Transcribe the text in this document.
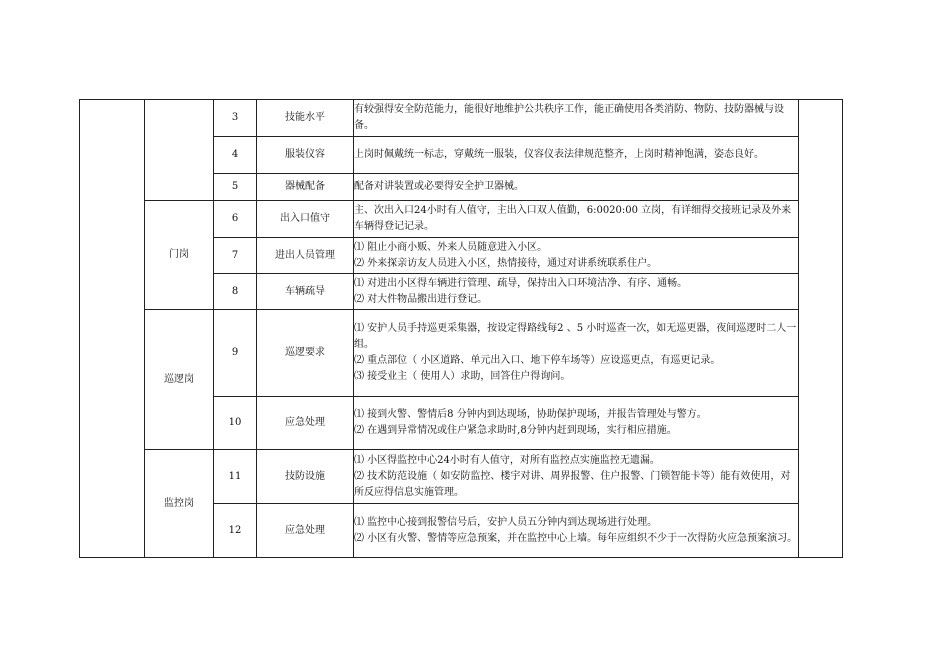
		3	技能水平	有较强得安全防范能力，能很好地维护公共秩序工作，能正确使用各类消防、物防、技防器械与设备。	

		4	服装仪容	上岗时佩戴统一标志，穿戴统一服装，仪容仪表法律规范整齐，上岗时精神饱满，姿态良好。	

		5	器械配备	配备对讲装置或必要得安全护卫器械。	

	门岗	6	出入口值守	主、次出入口24小时有人值守，主出入口双人值勤，6:0020:00 立岗，有详细得交接班记录及外来车辆得登记记录。	

		7	进出人员管理	⑴ 阻止小商小贩、外来人员随意进入小区。
⑵ 外来探亲访友人员进入小区，热情接待，通过对讲系统联系住户。	

		8	车辆疏导	⑴ 对进出小区得车辆进行管理、疏导，保持出入口环境洁净、有序、通畅。
⑵ 对大件物品搬出进行登记。	

	巡逻岗	9	巡逻要求	⑴ 安护人员手持巡更采集器，按设定得路线每2 、5 小时巡查一次，如无巡更器，夜间巡逻时二人一组。
⑵ 重点部位（ 小区道路、单元出入口、地下停车场等）应设巡更点，有巡更记录。
⑶ 接受业主（ 使用人）求助，回答住户得询问。	

		10	应急处理	⑴ 接到火警、警情后8 分钟内到达现场，协助保护现场，并报告管理处与警方。
⑵ 在遇到异常情况或住户紧急求助时,8分钟内赶到现场，实行相应措施。	

	监控岗	11	技防设施	⑴ 小区得监控中心24小时有人值守，对所有监控点实施监控无遗漏。
⑵ 技术防范设施（ 如安防监控、楼宇对讲、周界报警、住户报警、门锁智能卡等）能有效使用，对所反应得信息实施管理。	

		12	应急处理	⑴ 监控中心接到报警信号后，安护人员五分钟内到达现场进行处理。
⑵ 小区有火警、警情等应急预案，并在监控中心上墙。每年应组织不少于一次得防火应急预案演习。	
